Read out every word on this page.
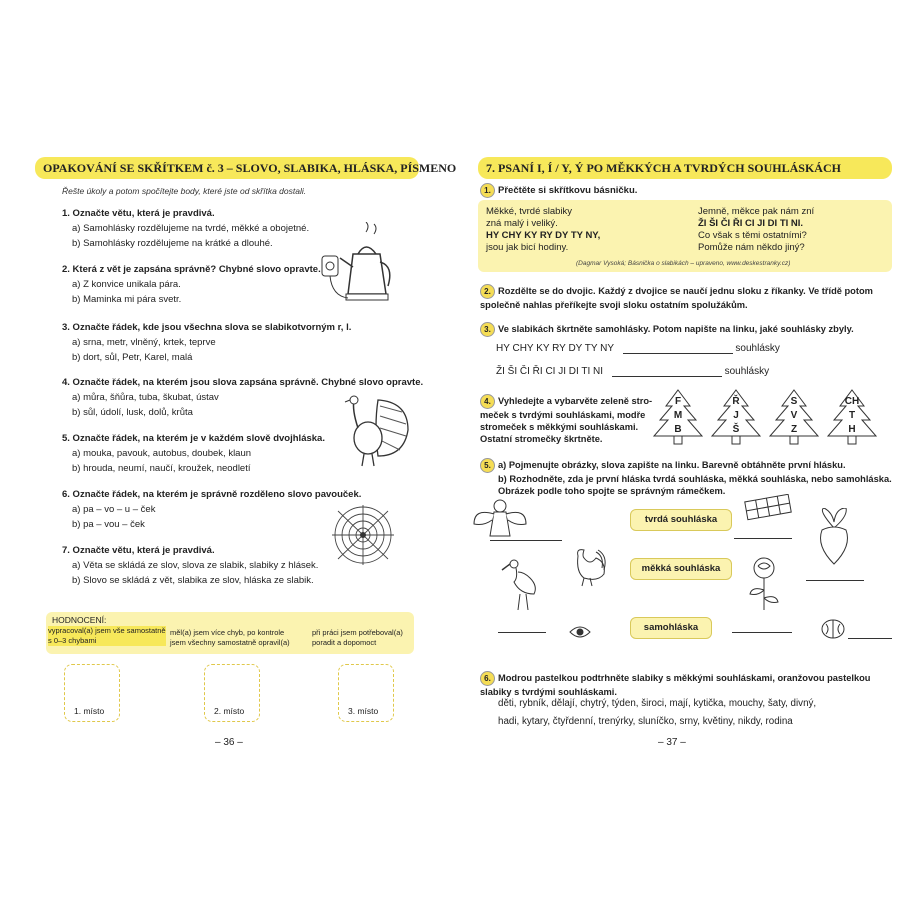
OPAKOVÁNÍ SE SKŘÍTKEM č. 3 – SLOVO, SLABIKA, HLÁSKA, PÍSMENO
Řešte úkoly a potom spočítejte body, které jste od skřítka dostali.
1. Označte větu, která je pravdivá.
a) Samohlásky rozdělujeme na tvrdé, měkké a obojetné.
b) Samohlásky rozdělujeme na krátké a dlouhé.
2. Která z vět je zapsána správně? Chybné slovo opravte.
a) Z konvice unikala pára.
b) Maminka mi pára svetr.
3. Označte řádek, kde jsou všechna slova se slabikotvorným r, l.
a) srna, metr, vlněný, krtek, teprve
b) dort, sůl, Petr, Karel, malá
4. Označte řádek, na kterém jsou slova zapsána správně. Chybné slovo opravte.
a) můra, šňůra, tuba, škubat, ústav
b) sůl, údolí, lusk, dolů, krůta
5. Označte řádek, na kterém je v každém slově dvojhláska.
a) mouka, pavouk, autobus, doubek, klaun
b) hrouda, neumí, naučí, kroužek, neodletí
6. Označte řádek, na kterém je správně rozděleno slovo pavouček.
a) pa – vo – u – ček
b) pa – vou – ček
7. Označte větu, která je pravdivá.
a) Věta se skládá ze slov, slova ze slabik, slabiky z hlásek.
b) Slovo se skládá z vět, slabika ze slov, hláska ze slabik.
HODNOCENÍ:
vypracoval(a) jsem vše samostatně s 0–3 chybami
měl(a) jsem více chyb, po kontrole jsem všechny samostatně opravil(a)
při práci jsem potřeboval(a) poradit a dopomoct
1. místo	2. místo	3. místo
– 36 –
7. PSANÍ I, Í / Y, Ý PO MĚKKÝCH A TVRDÝCH SOUHLÁSKÁCH
1. Přečtěte si skřítkovu básničku.
Měkké, tvrdé slabiky
zná malý i veliký.
HY CHY KY RY DY TY NY,
jsou jak bicí hodiny.
Jemně, měkce pak nám zní
ŽI ŠI ČI ŘI CI JI DI TI NI.
Co však s těmi ostatními?
Pomůže nám někdo jiný?
(Dagmar Vysoká; Básnička o slabikách – upraveno, www.deskestranky.cz)
2. Rozdělte se do dvojic. Každý z dvojice se naučí jednu sloku z říkanky. Ve třídě potom společně nahlas přeříkejte svoji sloku ostatním spolužákům.
3. Ve slabikách škrtněte samohlásky. Potom napište na linku, jaké souhlásky zbyly.
HY CHY KY RY DY TY NY	souhlásky
ŽI ŠI ČI ŘI CI JI DI TI NI	souhlásky
4. Vyhledejte a vybarvěte zeleně stro-
meček s tvrdými souhláskami, modře
stromeček s měkkými souhláskami.
Ostatní stromečky škrtněte.
F
M
B
Ř
J
Š
S
V
Z
CH
T
H
5. a) Pojmenujte obrázky, slova zapište na linku. Barevně obtáhněte první hlásku.
b) Rozhodněte, zda je první hláska tvrdá souhláska, měkká souhláska, nebo samohláska. Obrázek podle toho spojte se správným rámečkem.
tvrdá souhláska
měkká souhláska
samohláska
6. Modrou pastelkou podtrhněte slabiky s měkkými souhláskami, oranžovou pastelkou slabiky s tvrdými souhláskami.
děti, rybník, dělají, chytrý, týden, široci, mají, kytička, mouchy, šaty, divný,
hadi, kytary, čtyřdenní, trenýrky, sluníčko, srny, květiny, nikdy, rodina
– 37 –
